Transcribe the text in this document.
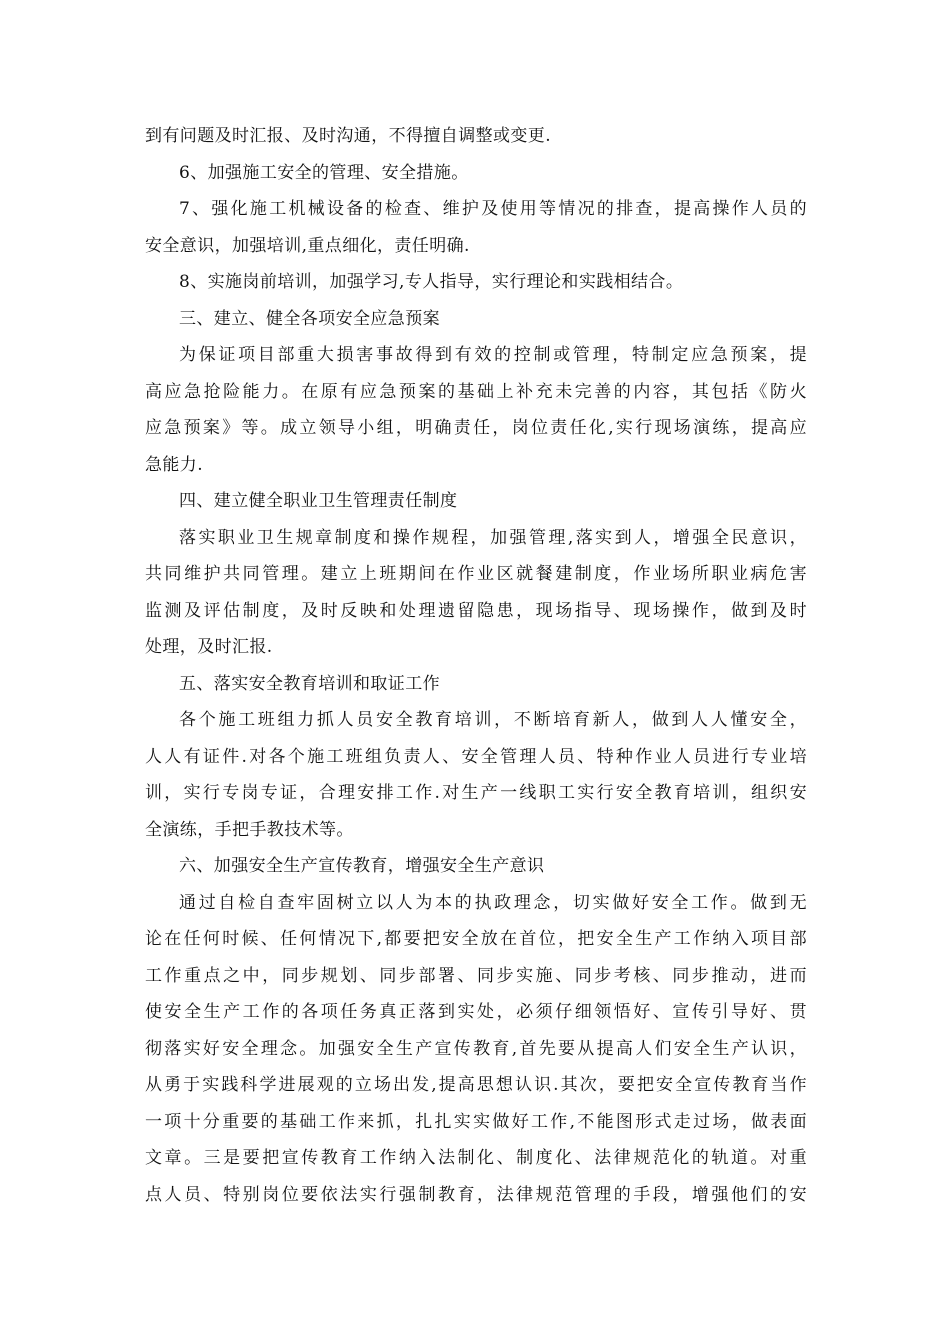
到有问题及时汇报、及时沟通，不得擅自调整或变更.
6、加强施工安全的管理、安全措施。
7、强化施工机械设备的检查、维护及使用等情况的排查，提高操作人员的
安全意识，加强培训,重点细化，责任明确.
8、实施岗前培训，加强学习,专人指导，实行理论和实践相结合。
三、建立、健全各项安全应急预案
为保证项目部重大损害事故得到有效的控制或管理，特制定应急预案，提
高应急抢险能力。在原有应急预案的基础上补充未完善的内容，其包括《防火
应急预案》等。成立领导小组，明确责任，岗位责任化,实行现场演练，提高应
急能力.
四、建立健全职业卫生管理责任制度
落实职业卫生规章制度和操作规程，加强管理,落实到人，增强全民意识，
共同维护共同管理。建立上班期间在作业区就餐建制度，作业场所职业病危害
监测及评估制度，及时反映和处理遗留隐患，现场指导、现场操作，做到及时
处理，及时汇报.
五、落实安全教育培训和取证工作
各个施工班组力抓人员安全教育培训，不断培育新人，做到人人懂安全，
人人有证件.对各个施工班组负责人、安全管理人员、特种作业人员进行专业培
训，实行专岗专证，合理安排工作.对生产一线职工实行安全教育培训，组织安
全演练，手把手教技术等。
六、加强安全生产宣传教育，增强安全生产意识
通过自检自查牢固树立以人为本的执政理念，切实做好安全工作。做到无
论在任何时候、任何情况下,都要把安全放在首位，把安全生产工作纳入项目部
工作重点之中，同步规划、同步部署、同步实施、同步考核、同步推动，进而
使安全生产工作的各项任务真正落到实处，必须仔细领悟好、宣传引导好、贯
彻落实好安全理念。加强安全生产宣传教育,首先要从提高人们安全生产认识，
从勇于实践科学进展观的立场出发,提高思想认识.其次，要把安全宣传教育当作
一项十分重要的基础工作来抓，扎扎实实做好工作,不能图形式走过场，做表面
文章。三是要把宣传教育工作纳入法制化、制度化、法律规范化的轨道。对重
点人员、特别岗位要依法实行强制教育，法律规范管理的手段，增强他们的安
